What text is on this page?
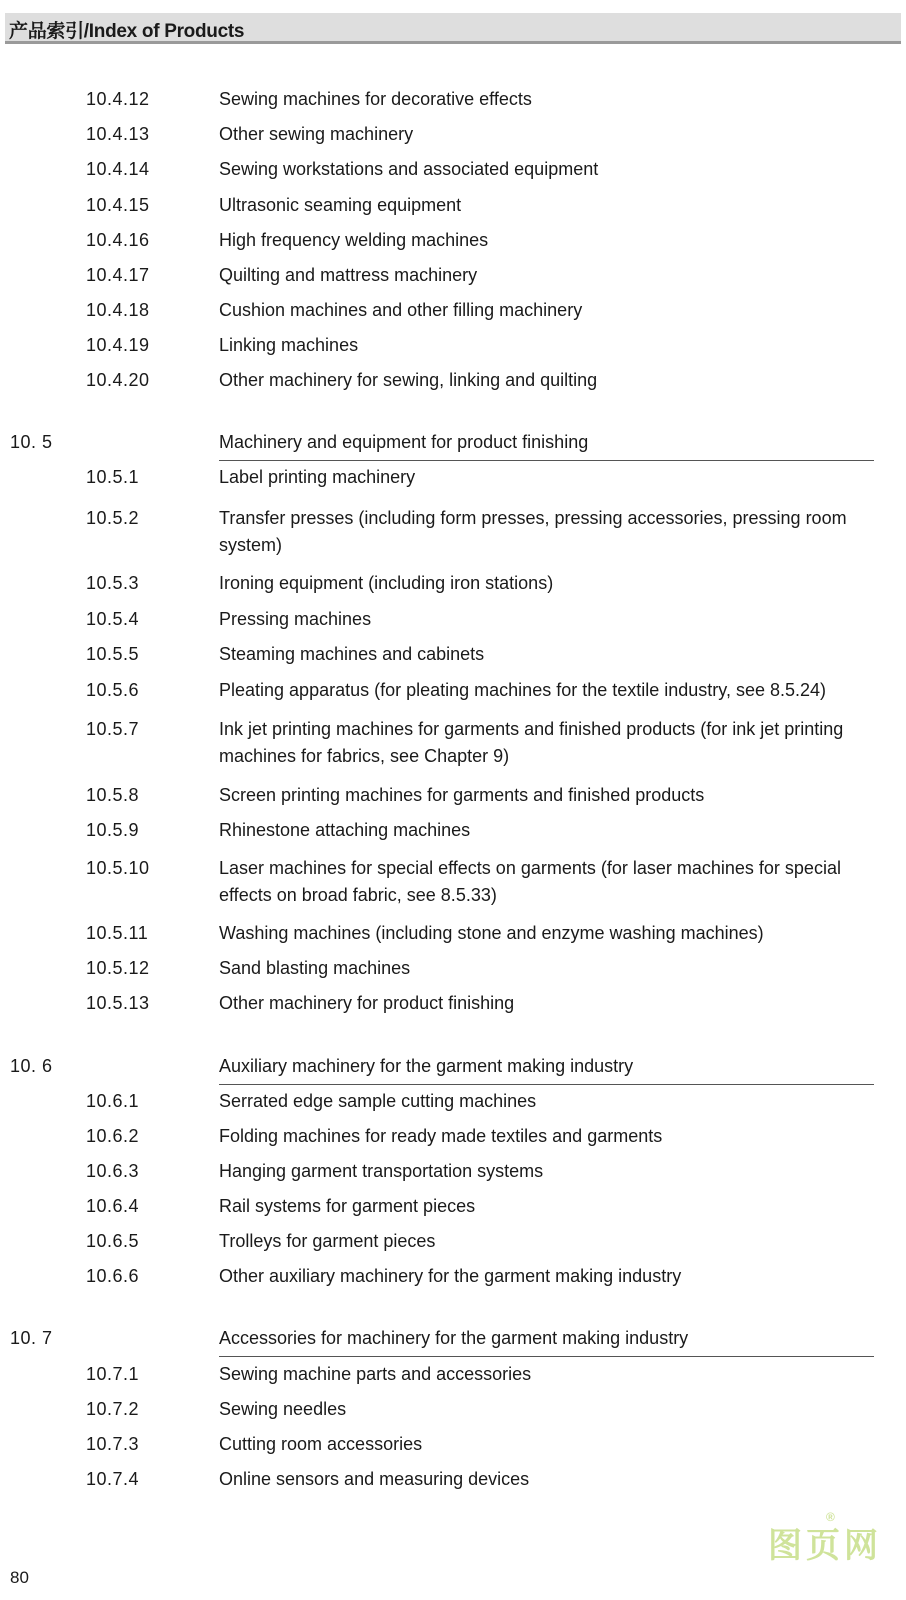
产品索引/Index of Products
10.4.12	Sewing machines for decorative effects
10.4.13	Other sewing machinery
10.4.14	Sewing workstations and associated equipment
10.4.15	Ultrasonic seaming equipment
10.4.16	High frequency welding machines
10.4.17	Quilting and mattress machinery
10.4.18	Cushion machines and other filling machinery
10.4.19	Linking machines
10.4.20	Other machinery for sewing, linking and quilting
10. 5	Machinery and equipment for product finishing
10.5.1	Label printing machinery
10.5.2	Transfer presses (including form presses, pressing accessories, pressing room system)
10.5.3	Ironing equipment (including iron stations)
10.5.4	Pressing machines
10.5.5	Steaming machines and cabinets
10.5.6	Pleating apparatus (for pleating machines for the textile industry, see 8.5.24)
10.5.7	Ink jet printing machines for garments and finished products (for ink jet printing machines for fabrics, see Chapter 9)
10.5.8	Screen printing machines for garments and finished products
10.5.9	Rhinestone attaching machines
10.5.10	Laser machines for special effects on garments (for laser machines for special effects on broad fabric, see 8.5.33)
10.5.11	Washing machines (including stone and enzyme washing machines)
10.5.12	Sand blasting machines
10.5.13	Other machinery for product finishing
10. 6	Auxiliary machinery for the garment making industry
10.6.1	Serrated edge sample cutting machines
10.6.2	Folding machines for ready made textiles and garments
10.6.3	Hanging garment transportation systems
10.6.4	Rail systems for garment pieces
10.6.5	Trolleys for garment pieces
10.6.6	Other auxiliary machinery for the garment making industry
10. 7	Accessories for machinery for the garment making industry
10.7.1	Sewing machine parts and accessories
10.7.2	Sewing needles
10.7.3	Cutting room accessories
10.7.4	Online sensors and measuring devices
80
图页网
®
